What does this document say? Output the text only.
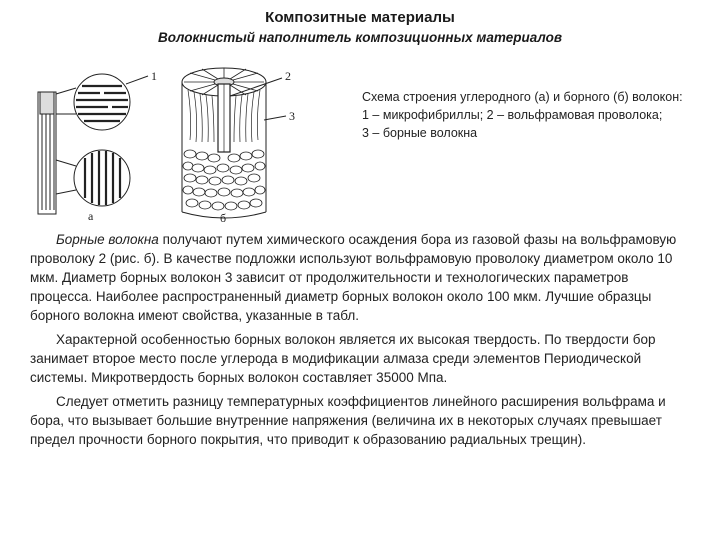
Композитные материалы
Волокнистый наполнитель композиционных материалов
1
а
2
3
б
Схема строения углеродного (а) и борного (б) волокон:
1 – микрофибриллы; 2 – вольфрамовая проволока;
3 – борные волокна

Борные волокна получают путем химического осаждения бора из газовой фазы на вольфрамовую проволоку 2 (рис. б). В качестве подложки используют вольфрамовую проволоку диаметром около 10 мкм. Диаметр борных волокон 3 зависит от продолжительности и технологических параметров процесса. Наиболее распространенный диаметр борных волокон около 100 мкм. Лучшие образцы борного волокна имеют свойства, указанные в табл.

Характерной особенностью борных волокон является их высокая твердость. По твердости бор занимает второе место после углерода в модификации алмаза среди элементов Периодической системы. Микротвердость борных волокон составляет 35000 Мпа.

Следует отметить разницу температурных коэффициентов линейного расширения вольфрама и бора, что вызывает большие внутренние напряжения (величина их в некоторых случаях превышает предел прочности борного покрытия, что приводит к образованию радиальных трещин).
